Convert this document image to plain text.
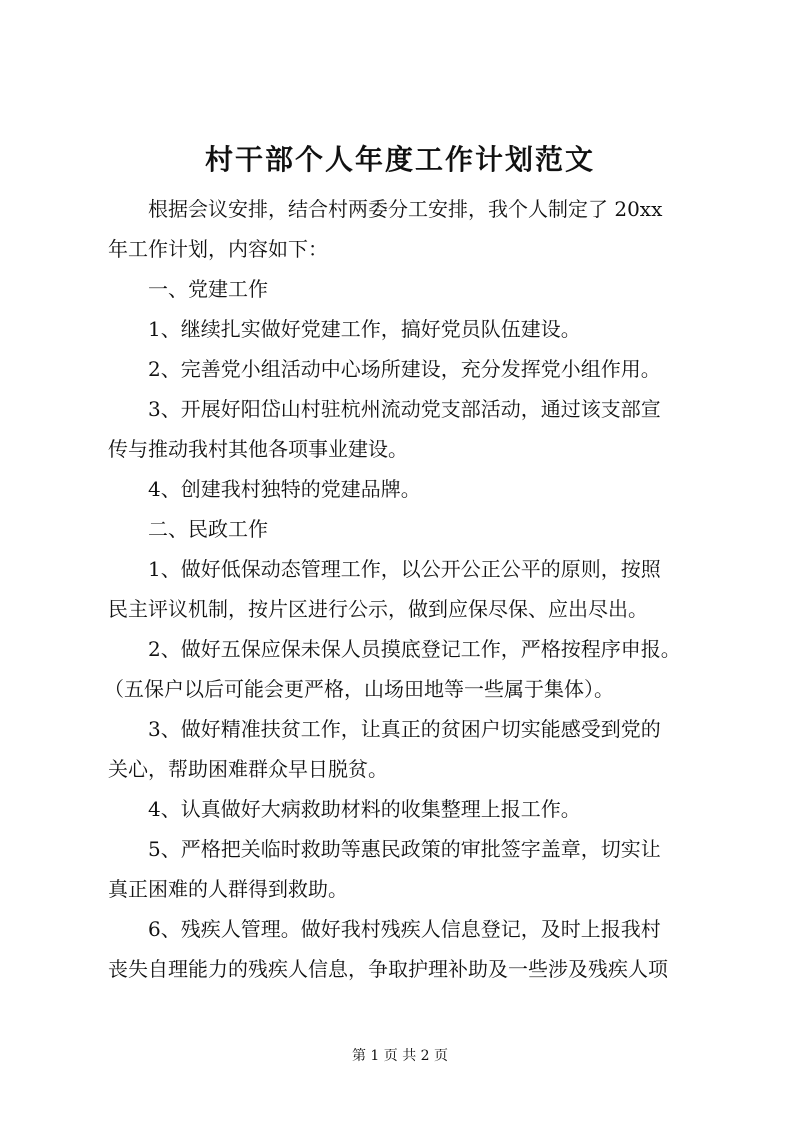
村干部个人年度工作计划范文
根据会议安排，结合村两委分工安排，我个人制定了 20xx
年工作计划，内容如下：
一、党建工作
1、继续扎实做好党建工作，搞好党员队伍建设。
2、完善党小组活动中心场所建设，充分发挥党小组作用。
3、开展好阳岱山村驻杭州流动党支部活动，通过该支部宣
传与推动我村其他各项事业建设。
4、创建我村独特的党建品牌。
二、民政工作
1、做好低保动态管理工作，以公开公正公平的原则，按照
民主评议机制，按片区进行公示，做到应保尽保、应出尽出。
2、做好五保应保未保人员摸底登记工作，严格按程序申报。
（五保户以后可能会更严格，山场田地等一些属于集体）。
3、做好精准扶贫工作，让真正的贫困户切实能感受到党的
关心，帮助困难群众早日脱贫。
4、认真做好大病救助材料的收集整理上报工作。
5、严格把关临时救助等惠民政策的审批签字盖章，切实让
真正困难的人群得到救助。
6、残疾人管理。做好我村残疾人信息登记，及时上报我村
丧失自理能力的残疾人信息，争取护理补助及一些涉及残疾人项
第 1 页 共 2 页
